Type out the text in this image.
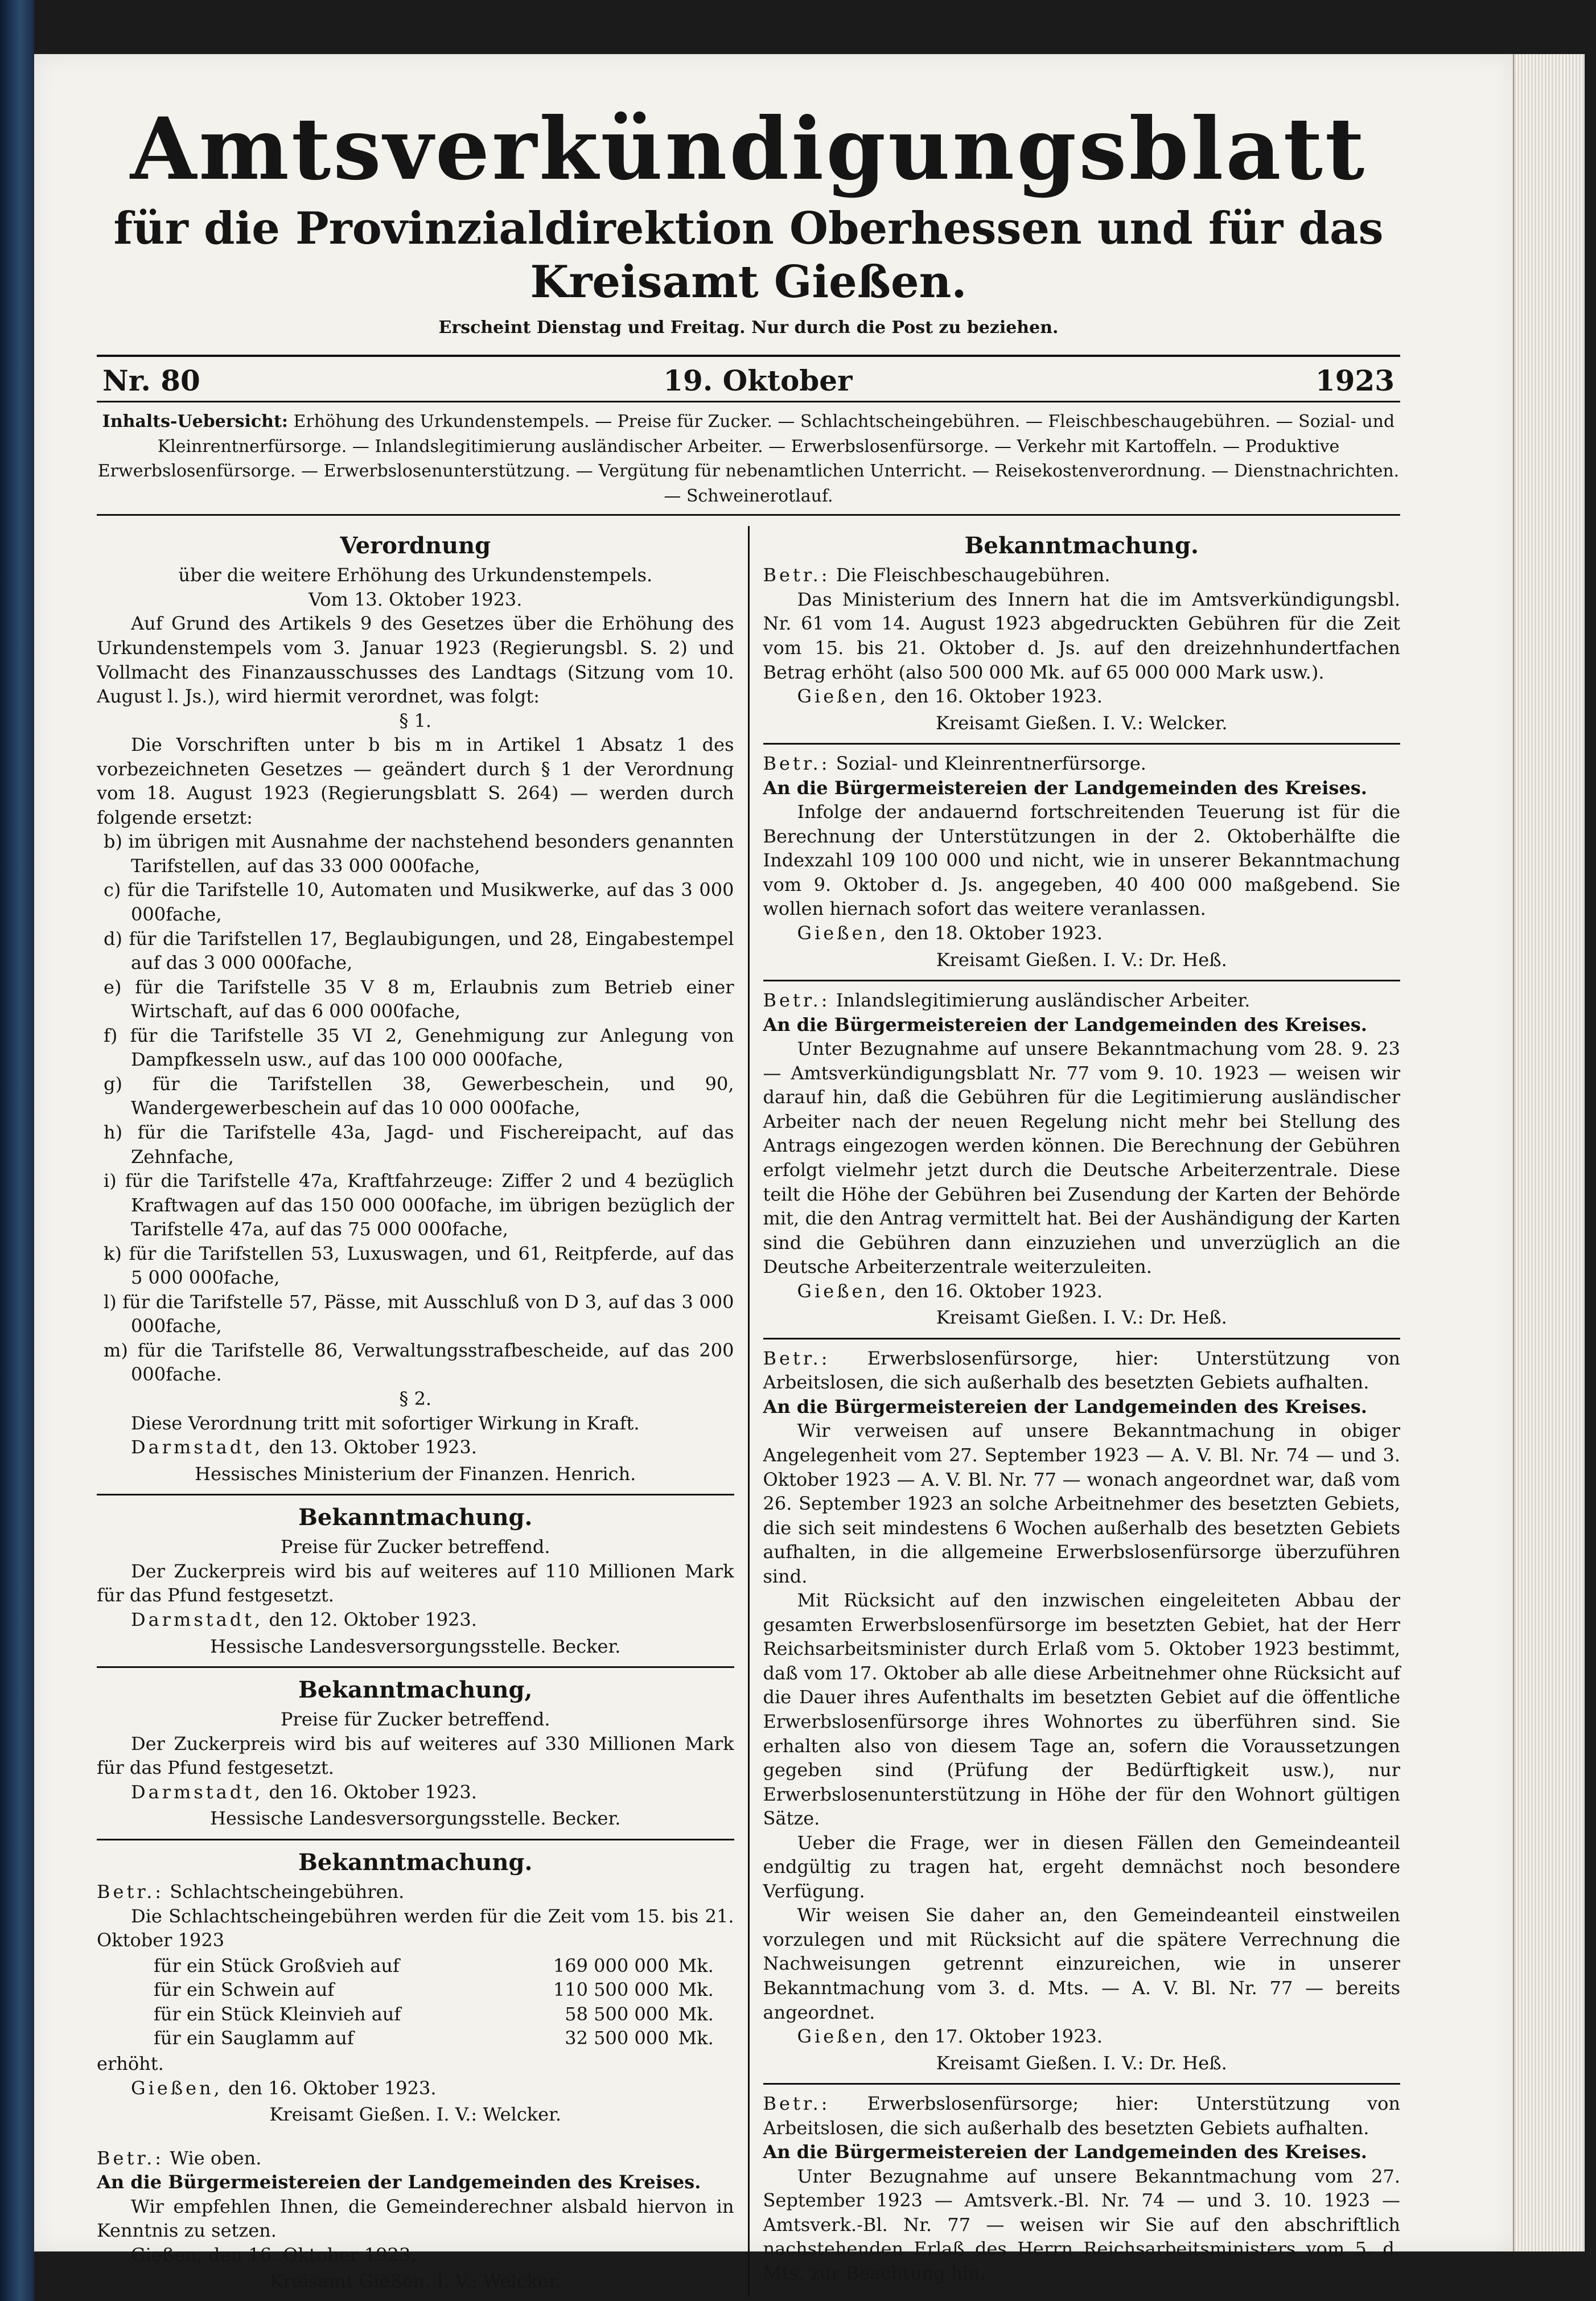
Amtsverkündigungsblatt
für die Provinzialdirektion Oberhessen und für das Kreisamt Gießen.
Erscheint Dienstag und Freitag. Nur durch die Post zu beziehen.
Nr. 80	19. Oktober	1923
Inhalts-Uebersicht: Erhöhung des Urkundenstempels. — Preise für Zucker. — Schlachtscheingebühren. — Fleischbeschaugebühren. — Sozial- und Kleinrentnerfürsorge. — Inlandslegitimierung ausländischer Arbeiter. — Erwerbslosenfürsorge. — Verkehr mit Kartoffeln. — Produktive Erwerbslosenfürsorge. — Erwerbslosenunterstützung. — Vergütung für nebenamtlichen Unterricht. — Reisekostenverordnung. — Dienstnachrichten. — Schweinerotlauf.
Verordnung
über die weitere Erhöhung des Urkundenstempels.
Vom 13. Oktober 1923.

Auf Grund des Artikels 9 des Gesetzes über die Erhöhung des Urkundenstempels vom 3. Januar 1923 (Regierungsbl. S. 2) und Vollmacht des Finanzausschusses des Landtags (Sitzung vom 10. August l. Js.), wird hiermit verordnet, was folgt:

§ 1.

Die Vorschriften unter b bis m in Artikel 1 Absatz 1 des vorbezeichneten Gesetzes — geändert durch § 1 der Verordnung vom 18. August 1923 (Regierungsblatt S. 264) — werden durch folgende ersetzt:

b) im übrigen mit Ausnahme der nachstehend besonders genannten Tarifstellen, auf das 33 000 000fache,

c) für die Tarifstelle 10, Automaten und Musikwerke, auf das 3 000 000fache,

d) für die Tarifstellen 17, Beglaubigungen, und 28, Eingabestempel auf das 3 000 000fache,

e) für die Tarifstelle 35 V 8 m, Erlaubnis zum Betrieb einer Wirtschaft, auf das 6 000 000fache,

f) für die Tarifstelle 35 VI 2, Genehmigung zur Anlegung von Dampfkesseln usw., auf das 100 000 000fache,

g) für die Tarifstellen 38, Gewerbeschein, und 90, Wandergewerbeschein auf das 10 000 000fache,

h) für die Tarifstelle 43a, Jagd- und Fischereipacht, auf das Zehnfache,

i) für die Tarifstelle 47a, Kraftfahrzeuge: Ziffer 2 und 4 bezüglich Kraftwagen auf das 150 000 000fache, im übrigen bezüglich der Tarifstelle 47a, auf das 75 000 000fache,

k) für die Tarifstellen 53, Luxuswagen, und 61, Reitpferde, auf das 5 000 000fache,

l) für die Tarifstelle 57, Pässe, mit Ausschluß von D 3, auf das 3 000 000fache,

m) für die Tarifstelle 86, Verwaltungsstrafbescheide, auf das 200 000fache.

§ 2.

Diese Verordnung tritt mit sofortiger Wirkung in Kraft.

Darmstadt, den 13. Oktober 1923.

Hessisches Ministerium der Finanzen. Henrich.
Bekanntmachung.
Preise für Zucker betreffend.

Der Zuckerpreis wird bis auf weiteres auf 110 Millionen Mark für das Pfund festgesetzt.

Darmstadt, den 12. Oktober 1923.

Hessische Landesversorgungsstelle. Becker.
Bekanntmachung,
Preise für Zucker betreffend.

Der Zuckerpreis wird bis auf weiteres auf 330 Millionen Mark für das Pfund festgesetzt.

Darmstadt, den 16. Oktober 1923.

Hessische Landesversorgungsstelle. Becker.
Bekanntmachung.

Betr.: Schlachtscheingebühren.

Die Schlachtscheingebühren werden für die Zeit vom 15. bis 21. Oktober 1923

für ein Stück Großvieh auf	169 000 000	Mk.
für ein Schwein auf	110 500 000	Mk.
für ein Stück Kleinvieh auf	58 500 000	Mk.
für ein Sauglamm auf	32 500 000	Mk.

erhöht.

Gießen, den 16. Oktober 1923.

Kreisamt Gießen. I. V.: Welcker.

Betr.: Wie oben.

An die Bürgermeistereien der Landgemeinden des Kreises.

Wir empfehlen Ihnen, die Gemeinderechner alsbald hiervon in Kenntnis zu setzen.

Gießen, den 16. Oktober 1923.

Kreisamt Gießen. I. V.: Welcker.
Bekanntmachung.

Betr.: Die Fleischbeschaugebühren.

Das Ministerium des Innern hat die im Amtsverkündigungsbl. Nr. 61 vom 14. August 1923 abgedruckten Gebühren für die Zeit vom 15. bis 21. Oktober d. Js. auf den dreizehnhundertfachen Betrag erhöht (also 500 000 Mk. auf 65 000 000 Mark usw.).

Gießen, den 16. Oktober 1923.

Kreisamt Gießen. I. V.: Welcker.

Betr.: Sozial- und Kleinrentnerfürsorge.

An die Bürgermeistereien der Landgemeinden des Kreises.

Infolge der andauernd fortschreitenden Teuerung ist für die Berechnung der Unterstützungen in der 2. Oktoberhälfte die Indexzahl 109 100 000 und nicht, wie in unserer Bekanntmachung vom 9. Oktober d. Js. angegeben, 40 400 000 maßgebend. Sie wollen hiernach sofort das weitere veranlassen.

Gießen, den 18. Oktober 1923.

Kreisamt Gießen. I. V.: Dr. Heß.

Betr.: Inlandslegitimierung ausländischer Arbeiter.

An die Bürgermeistereien der Landgemeinden des Kreises.

Unter Bezugnahme auf unsere Bekanntmachung vom 28. 9. 23 — Amtsverkündigungsblatt Nr. 77 vom 9. 10. 1923 — weisen wir darauf hin, daß die Gebühren für die Legitimierung ausländischer Arbeiter nach der neuen Regelung nicht mehr bei Stellung des Antrags eingezogen werden können. Die Berechnung der Gebühren erfolgt vielmehr jetzt durch die Deutsche Arbeiterzentrale. Diese teilt die Höhe der Gebühren bei Zusendung der Karten der Behörde mit, die den Antrag vermittelt hat. Bei der Aushändigung der Karten sind die Gebühren dann einzuziehen und unverzüglich an die Deutsche Arbeiterzentrale weiterzuleiten.

Gießen, den 16. Oktober 1923.

Kreisamt Gießen. I. V.: Dr. Heß.

Betr.: Erwerbslosenfürsorge, hier: Unterstützung von Arbeitslosen, die sich außerhalb des besetzten Gebiets aufhalten.

An die Bürgermeistereien der Landgemeinden des Kreises.

Wir verweisen auf unsere Bekanntmachung in obiger Angelegenheit vom 27. September 1923 — A. V. Bl. Nr. 74 — und 3. Oktober 1923 — A. V. Bl. Nr. 77 — wonach angeordnet war, daß vom 26. September 1923 an solche Arbeitnehmer des besetzten Gebiets, die sich seit mindestens 6 Wochen außerhalb des besetzten Gebiets aufhalten, in die allgemeine Erwerbslosenfürsorge überzuführen sind.

Mit Rücksicht auf den inzwischen eingeleiteten Abbau der gesamten Erwerbslosenfürsorge im besetzten Gebiet, hat der Herr Reichsarbeitsminister durch Erlaß vom 5. Oktober 1923 bestimmt, daß vom 17. Oktober ab alle diese Arbeitnehmer ohne Rücksicht auf die Dauer ihres Aufenthalts im besetzten Gebiet auf die öffentliche Erwerbslosenfürsorge ihres Wohnortes zu überführen sind. Sie erhalten also von diesem Tage an, sofern die Voraussetzungen gegeben sind (Prüfung der Bedürftigkeit usw.), nur Erwerbslosenunterstützung in Höhe der für den Wohnort gültigen Sätze.

Ueber die Frage, wer in diesen Fällen den Gemeindeanteil endgültig zu tragen hat, ergeht demnächst noch besondere Verfügung.

Wir weisen Sie daher an, den Gemeindeanteil einstweilen vorzulegen und mit Rücksicht auf die spätere Verrechnung die Nachweisungen getrennt einzureichen, wie in unserer Bekanntmachung vom 3. d. Mts. — A. V. Bl. Nr. 77 — bereits angeordnet.

Gießen, den 17. Oktober 1923.

Kreisamt Gießen. I. V.: Dr. Heß.

Betr.: Erwerbslosenfürsorge; hier: Unterstützung von Arbeitslosen, die sich außerhalb des besetzten Gebiets aufhalten.

An die Bürgermeistereien der Landgemeinden des Kreises.

Unter Bezugnahme auf unsere Bekanntmachung vom 27. September 1923 — Amtsverk.-Bl. Nr. 74 — und 3. 10. 1923 — Amtsverk.-Bl. Nr. 77 — weisen wir Sie auf den abschriftlich nachstehenden Erlaß des Herrn Reichsarbeitsministers vom 5. d. Mts. zur Beachtung hin.
